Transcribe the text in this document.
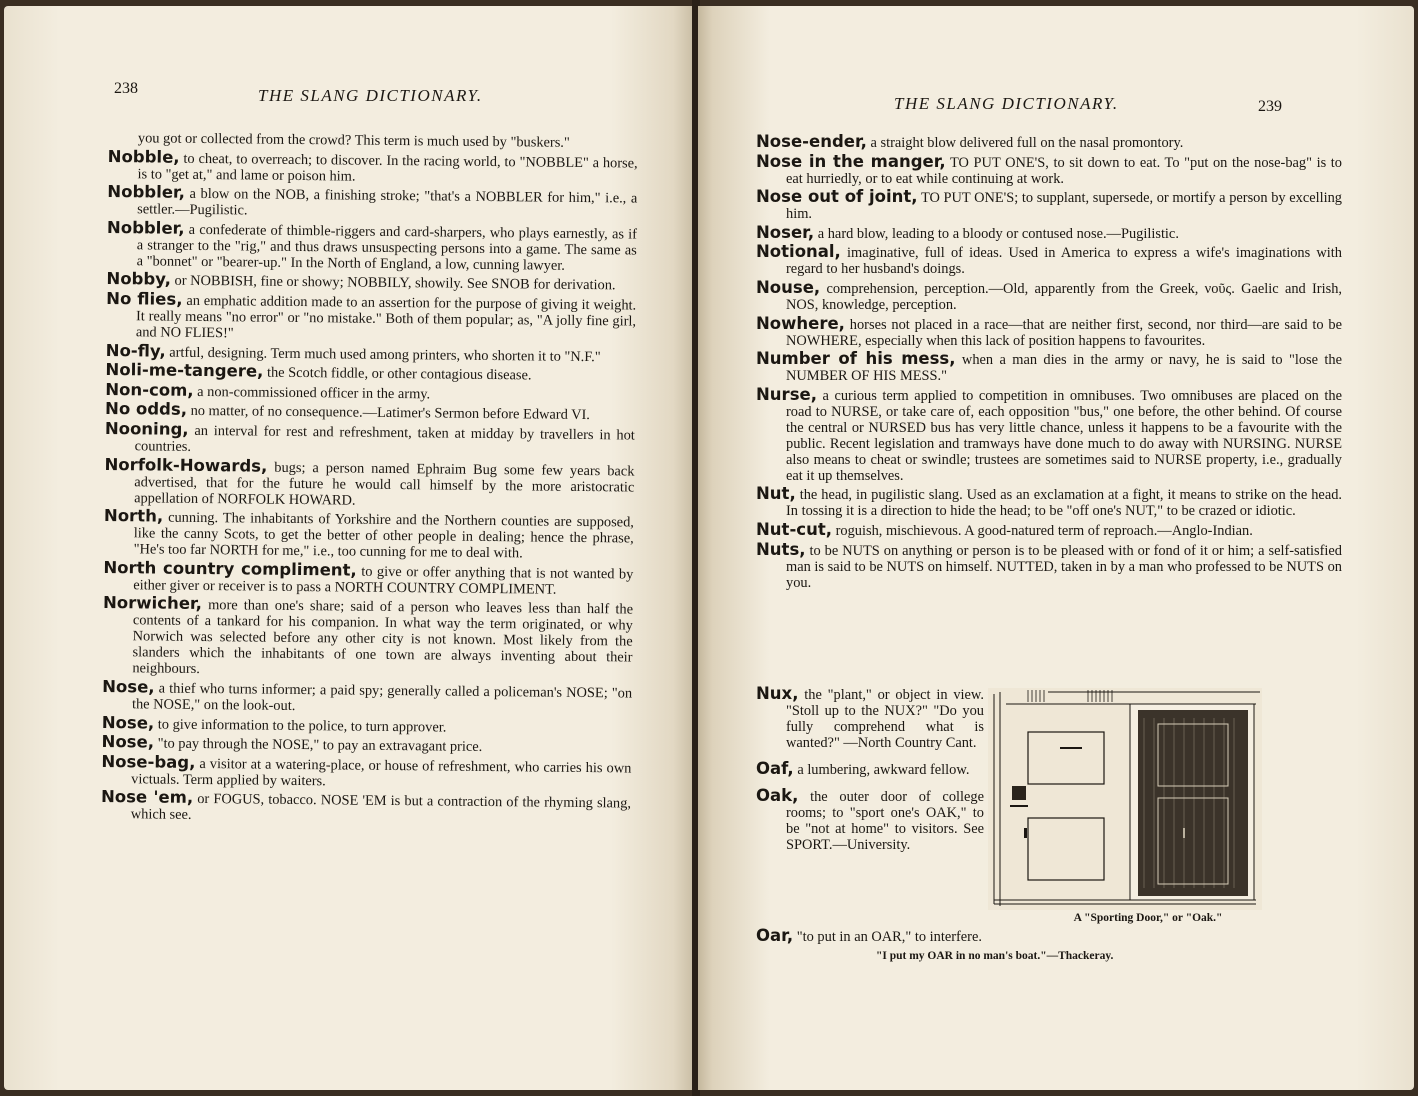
238	THE SLANG DICTIONARY.
you got or collected from the crowd? This term is much used by "buskers."
Nobble, to cheat, to overreach; to discover. In the racing world, to "NOBBLE" a horse, is to "get at," and lame or poison him.
Nobbler, a blow on the NOB, a finishing stroke; "that's a NOBBLER for him," i.e., a settler.—Pugilistic.
Nobbler, a confederate of thimble-riggers and card-sharpers, who plays earnestly, as if a stranger to the "rig," and thus draws unsuspecting persons into a game. The same as a "bonnet" or "bearer-up." In the North of England, a low, cunning lawyer.
Nobby, or NOBBISH, fine or showy; NOBBILY, showily. See SNOB for derivation.
No flies, an emphatic addition made to an assertion for the purpose of giving it weight. It really means "no error" or "no mistake." Both of them popular; as, "A jolly fine girl, and NO FLIES!"
No-fly, artful, designing. Term much used among printers, who shorten it to "N.F."
Noli-me-tangere, the Scotch fiddle, or other contagious disease.
Non-com, a non-commissioned officer in the army.
No odds, no matter, of no consequence.—Latimer's Sermon before Edward VI.
Nooning, an interval for rest and refreshment, taken at midday by travellers in hot countries.
Norfolk-Howards, bugs; a person named Ephraim Bug some few years back advertised, that for the future he would call himself by the more aristocratic appellation of NORFOLK HOWARD.
North, cunning. The inhabitants of Yorkshire and the Northern counties are supposed, like the canny Scots, to get the better of other people in dealing; hence the phrase, "He's too far NORTH for me," i.e., too cunning for me to deal with.
North country compliment, to give or offer anything that is not wanted by either giver or receiver is to pass a NORTH COUNTRY COMPLIMENT.
Norwicher, more than one's share; said of a person who leaves less than half the contents of a tankard for his companion. In what way the term originated, or why Norwich was selected before any other city is not known. Most likely from the slanders which the inhabitants of one town are always inventing about their neighbours.
Nose, a thief who turns informer; a paid spy; generally called a policeman's NOSE; "on the NOSE," on the look-out.
Nose, to give information to the police, to turn approver.
Nose, "to pay through the NOSE," to pay an extravagant price.
Nose-bag, a visitor at a watering-place, or house of refreshment, who carries his own victuals. Term applied by waiters.
Nose 'em, or FOGUS, tobacco. NOSE 'EM is but a contraction of the rhyming slang, which see.
THE SLANG DICTIONARY.	239
Nose-ender, a straight blow delivered full on the nasal promontory.
Nose in the manger, TO PUT ONE'S, to sit down to eat. To "put on the nose-bag" is to eat hurriedly, or to eat while continuing at work.
Nose out of joint, TO PUT ONE'S; to supplant, supersede, or mortify a person by excelling him.
Noser, a hard blow, leading to a bloody or contused nose.—Pugilistic.
Notional, imaginative, full of ideas. Used in America to express a wife's imaginations with regard to her husband's doings.
Nouse, comprehension, perception.—Old, apparently from the Greek, νοῦς. Gaelic and Irish, NOS, knowledge, perception.
Nowhere, horses not placed in a race—that are neither first, second, nor third—are said to be NOWHERE, especially when this lack of position happens to favourites.
Number of his mess, when a man dies in the army or navy, he is said to "lose the NUMBER OF HIS MESS."
Nurse, a curious term applied to competition in omnibuses. Two omnibuses are placed on the road to NURSE, or take care of, each opposition "bus," one before, the other behind. Of course the central or NURSED bus has very little chance, unless it happens to be a favourite with the public. Recent legislation and tramways have done much to do away with NURSING. NURSE also means to cheat or swindle; trustees are sometimes said to NURSE property, i.e., gradually eat it up themselves.
Nut, the head, in pugilistic slang. Used as an exclamation at a fight, it means to strike on the head. In tossing it is a direction to hide the head; to be "off one's NUT," to be crazed or idiotic.
Nut-cut, roguish, mischievous. A good-natured term of reproach.—Anglo-Indian.
Nuts, to be NUTS on anything or person is to be pleased with or fond of it or him; a self-satisfied man is said to be NUTS on himself. NUTTED, taken in by a man who professed to be NUTS on you.
Nux, the "plant," or object in view. "Stoll up to the NUX?" "Do you fully comprehend what is wanted?" —North Country Cant.
Oaf, a lumbering, awkward fellow.
Oak, the outer door of college rooms; to "sport one's OAK," to be "not at home" to visitors. See SPORT.—University.
A "Sporting Door," or "Oak."
Oar, "to put in an OAR," to interfere.
"I put my OAR in no man's boat."—Thackeray.
